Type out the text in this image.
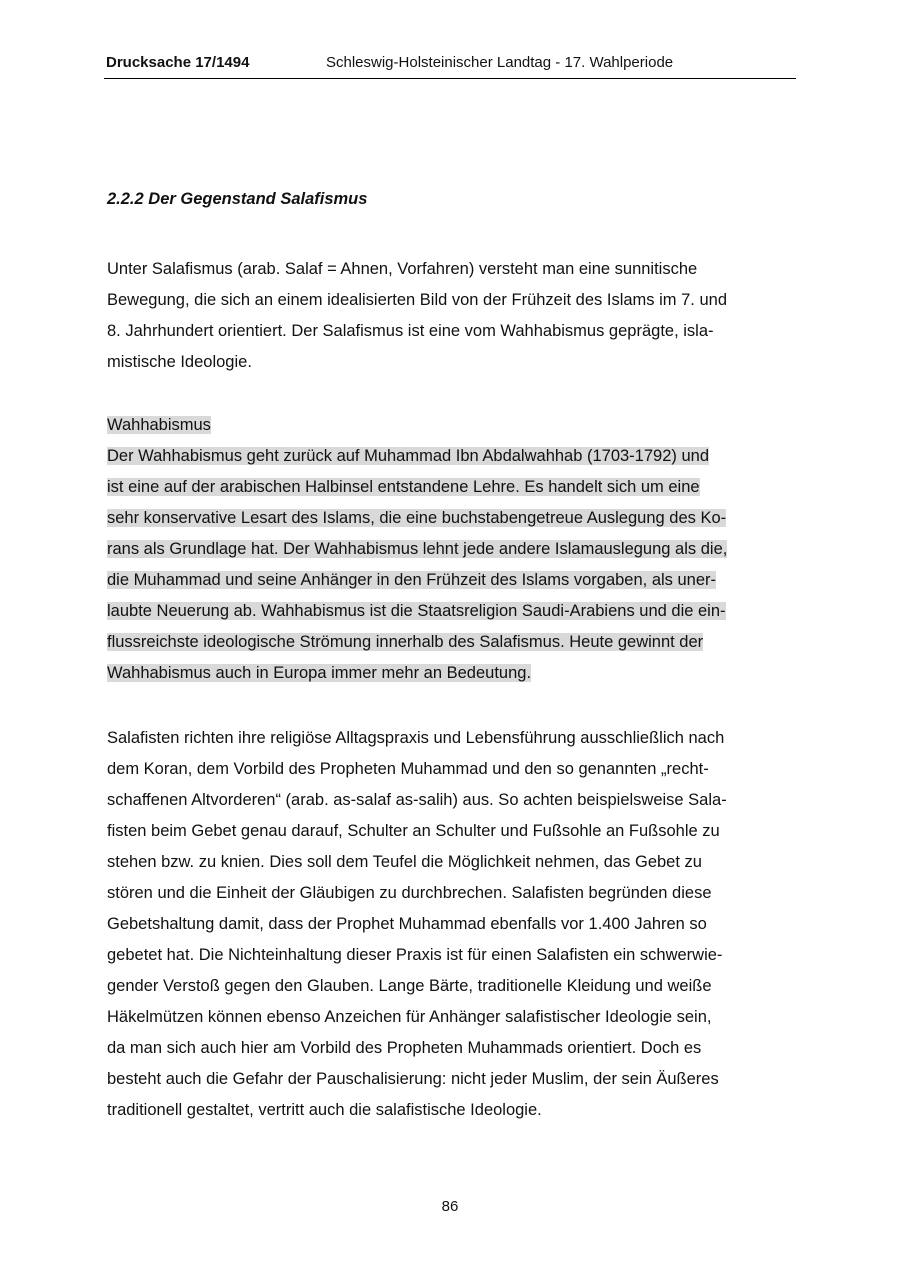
Drucksache 17/1494	Schleswig-Holsteinischer Landtag - 17. Wahlperiode
2.2.2 Der Gegenstand Salafismus

Unter Salafismus (arab. Salaf = Ahnen, Vorfahren) versteht man eine sunnitische
Bewegung, die sich an einem idealisierten Bild von der Frühzeit des Islams im 7. und
8. Jahrhundert orientiert. Der Salafismus ist eine vom Wahhabismus geprägte, isla-
mistische Ideologie.

Wahhabismus
Der Wahhabismus geht zurück auf Muhammad Ibn Abdalwahhab (1703-1792) und
ist eine auf der arabischen Halbinsel entstandene Lehre. Es handelt sich um eine
sehr konservative Lesart des Islams, die eine buchstabengetreue Auslegung des Ko-
rans als Grundlage hat. Der Wahhabismus lehnt jede andere Islamauslegung als die,
die Muhammad und seine Anhänger in den Frühzeit des Islams vorgaben, als uner-
laubte Neuerung ab. Wahhabismus ist die Staatsreligion Saudi-Arabiens und die ein-
flussreichste ideologische Strömung innerhalb des Salafismus. Heute gewinnt der
Wahhabismus auch in Europa immer mehr an Bedeutung.

Salafisten richten ihre religiöse Alltagspraxis und Lebensführung ausschließlich nach
dem Koran, dem Vorbild des Propheten Muhammad und den so genannten „recht-
schaffenen Altvorderen“ (arab. as-salaf as-salih) aus. So achten beispielsweise Sala-
fisten beim Gebet genau darauf, Schulter an Schulter und Fußsohle an Fußsohle zu
stehen bzw. zu knien. Dies soll dem Teufel die Möglichkeit nehmen, das Gebet zu
stören und die Einheit der Gläubigen zu durchbrechen. Salafisten begründen diese
Gebetshaltung damit, dass der Prophet Muhammad ebenfalls vor 1.400 Jahren so
gebetet hat. Die Nichteinhaltung dieser Praxis ist für einen Salafisten ein schwerwie-
gender Verstoß gegen den Glauben. Lange Bärte, traditionelle Kleidung und weiße
Häkelmützen können ebenso Anzeichen für Anhänger salafistischer Ideologie sein,
da man sich auch hier am Vorbild des Propheten Muhammads orientiert. Doch es
besteht auch die Gefahr der Pauschalisierung: nicht jeder Muslim, der sein Äußeres
traditionell gestaltet, vertritt auch die salafistische Ideologie.

86
